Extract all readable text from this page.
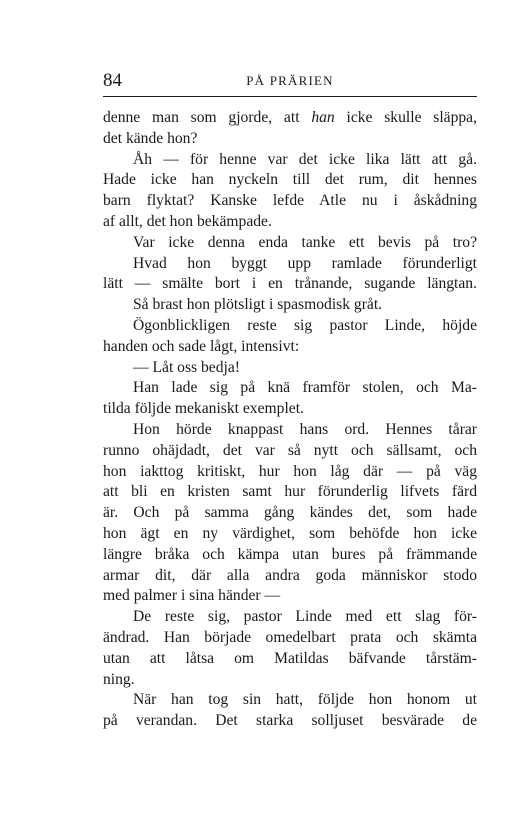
84	PÅ PRÄRIEN
denne man som gjorde, att han icke skulle släppa,
det kände hon?
Åh — för henne var det icke lika lätt att gå.
Hade icke han nyckeln till det rum, dit hennes
barn flyktat? Kanske lefde Atle nu i åskådning
af allt, det hon bekämpade.
Var icke denna enda tanke ett bevis på tro?
Hvad hon byggt upp ramlade förunderligt
lätt — smälte bort i en trånande, sugande längtan.
Så brast hon plötsligt i spasmodisk gråt.
Ögonblickligen reste sig pastor Linde, höjde
handen och sade lågt, intensivt:
— Låt oss bedja!
Han lade sig på knä framför stolen, och Ma-
tilda följde mekaniskt exemplet.
Hon hörde knappast hans ord. Hennes tårar
runno ohäjdadt, det var så nytt och sällsamt, och
hon iakttog kritiskt, hur hon låg där — på väg
att bli en kristen samt hur förunderlig lifvets färd
är. Och på samma gång kändes det, som hade
hon ägt en ny värdighet, som behöfde hon icke
längre bråka och kämpa utan bures på främmande
armar dit, där alla andra goda människor stodo
med palmer i sina händer —
De reste sig, pastor Linde med ett slag för-
ändrad. Han började omedelbart prata och skämta
utan att låtsa om Matildas bäfvande tårstäm-
ning.
När han tog sin hatt, följde hon honom ut
på verandan. Det starka solljuset besvärade de
